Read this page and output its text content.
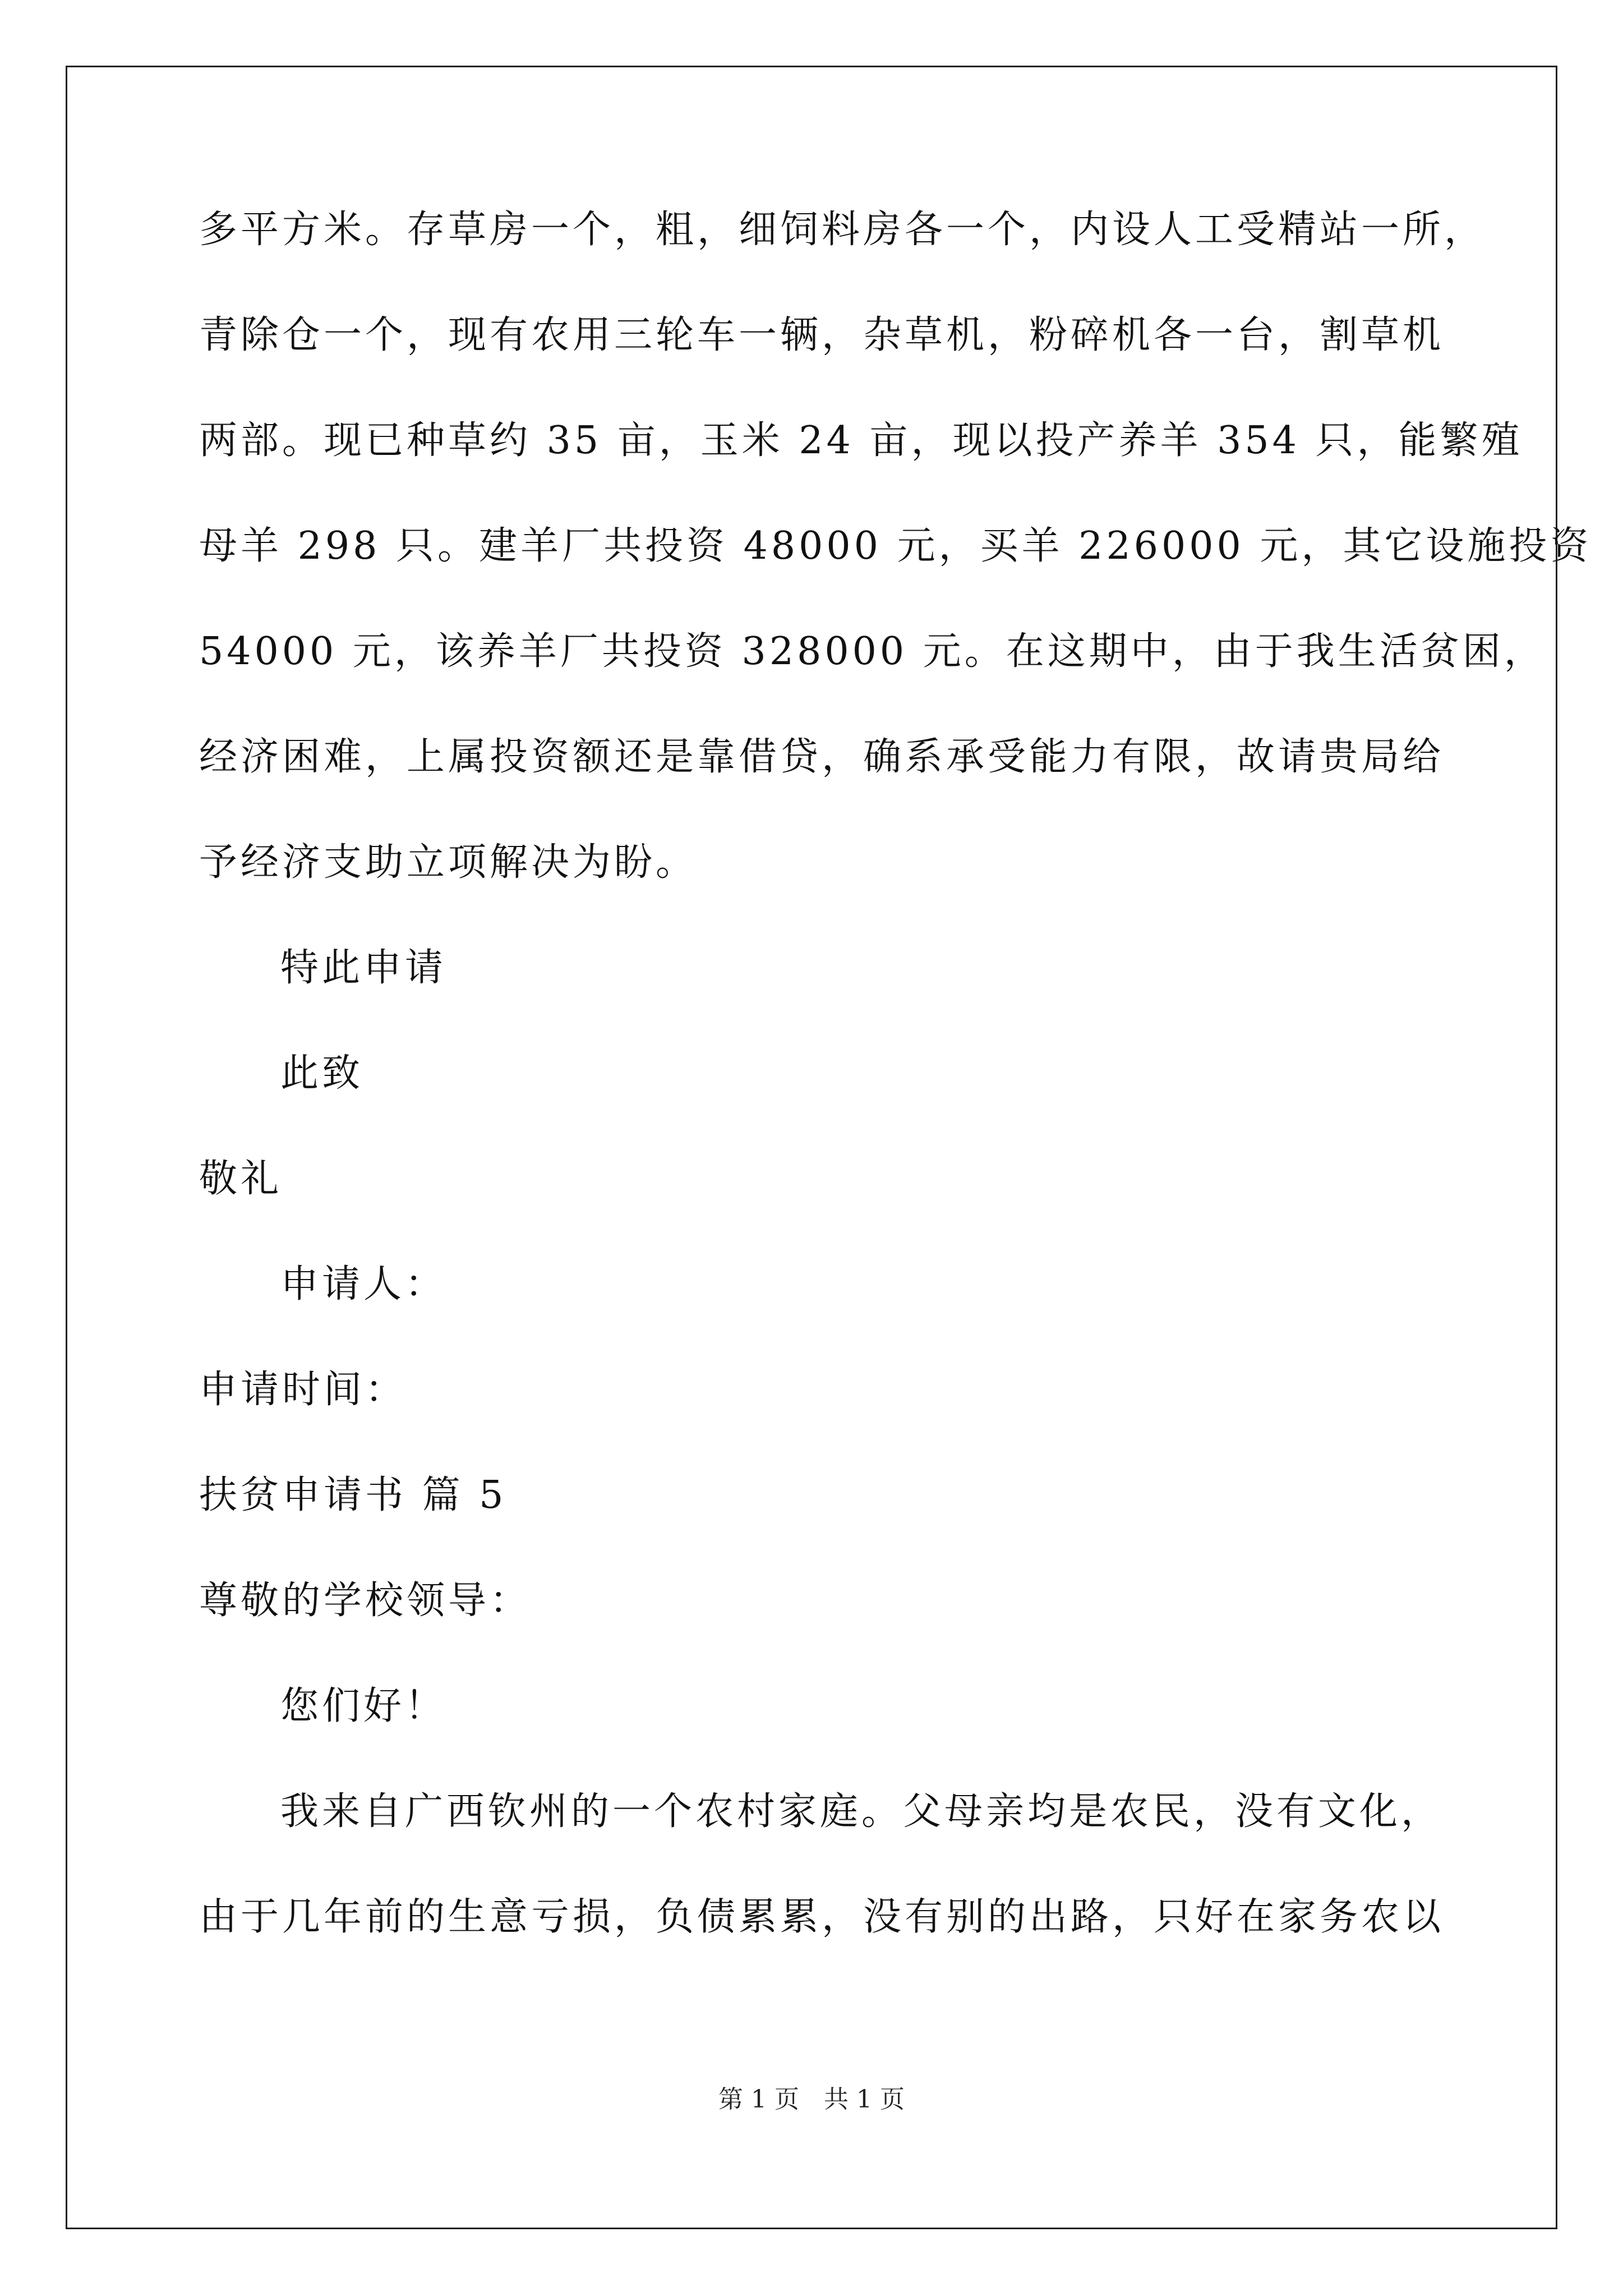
多平方米。存草房一个，粗，细饲料房各一个，内设人工受精站一所，
青除仓一个，现有农用三轮车一辆，杂草机，粉碎机各一台，割草机
两部。现已种草约 35 亩，玉米 24 亩，现以投产养羊 354 只，能繁殖
母羊 298 只。建羊厂共投资 48000 元，买羊 226000 元，其它设施投资
54000 元，该养羊厂共投资 328000 元。在这期中，由于我生活贫困，
经济困难，上属投资额还是靠借贷，确系承受能力有限，故请贵局给
予经济支助立项解决为盼。
特此申请
此致
敬礼
申请人：
申请时间：
扶贫申请书 篇 5
尊敬的学校领导：
您们好！
我来自广西钦州的一个农村家庭。父母亲均是农民，没有文化，
由于几年前的生意亏损，负债累累，没有别的出路，只好在家务农以
第 1 页　共 1 页
